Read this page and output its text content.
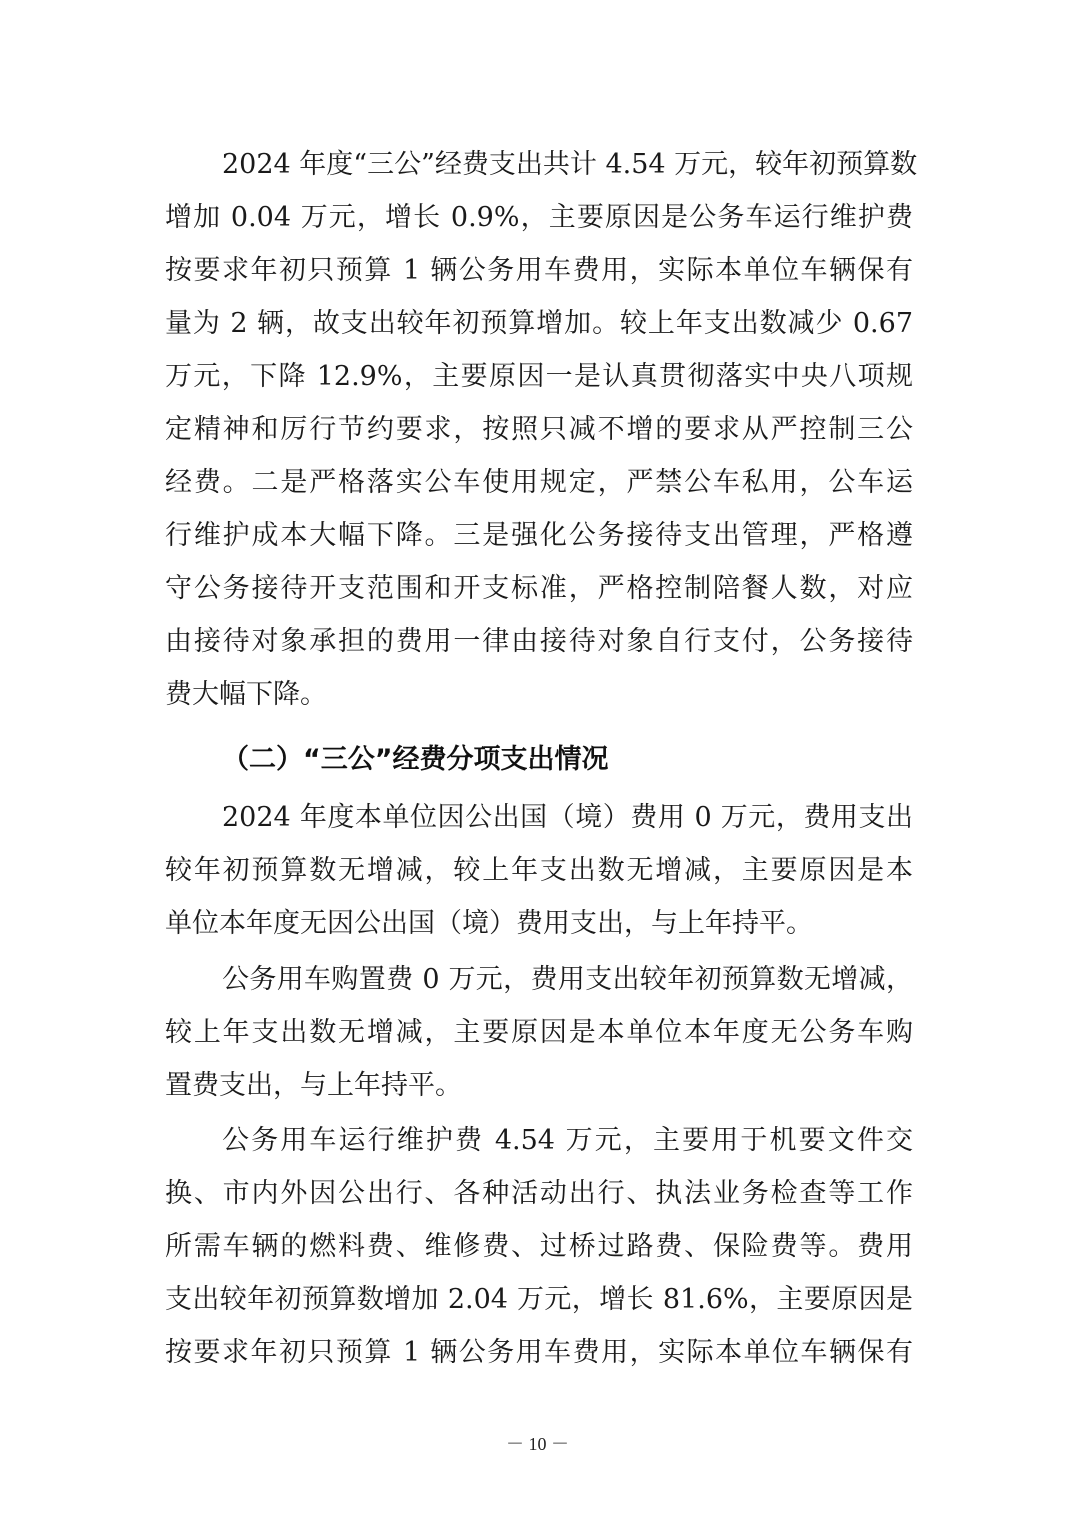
2024 年度“三公”经费支出共计 4.54 万元，较年初预算数
增加 0.04 万元，增长 0.9%，主要原因是公务车运行维护费
按要求年初只预算 1 辆公务用车费用，实际本单位车辆保有
量为 2 辆，故支出较年初预算增加。较上年支出数减少 0.67
万元，下降 12.9%，主要原因一是认真贯彻落实中央八项规
定精神和厉行节约要求，按照只减不增的要求从严控制三公
经费。二是严格落实公车使用规定，严禁公车私用，公车运
行维护成本大幅下降。三是强化公务接待支出管理，严格遵
守公务接待开支范围和开支标准，严格控制陪餐人数，对应
由接待对象承担的费用一律由接待对象自行支付，公务接待
费大幅下降。
（二）“三公”经费分项支出情况
2024 年度本单位因公出国（境）费用 0 万元，费用支出
较年初预算数无增减，较上年支出数无增减，主要原因是本
单位本年度无因公出国（境）费用支出，与上年持平。
公务用车购置费 0 万元，费用支出较年初预算数无增减，
较上年支出数无增减，主要原因是本单位本年度无公务车购
置费支出，与上年持平。
公务用车运行维护费 4.54 万元，主要用于机要文件交
换、市内外因公出行、各种活动出行、执法业务检查等工作
所需车辆的燃料费、维修费、过桥过路费、保险费等。费用
支出较年初预算数增加 2.04 万元，增长 81.6%，主要原因是
按要求年初只预算 1 辆公务用车费用，实际本单位车辆保有
－ 10 －
